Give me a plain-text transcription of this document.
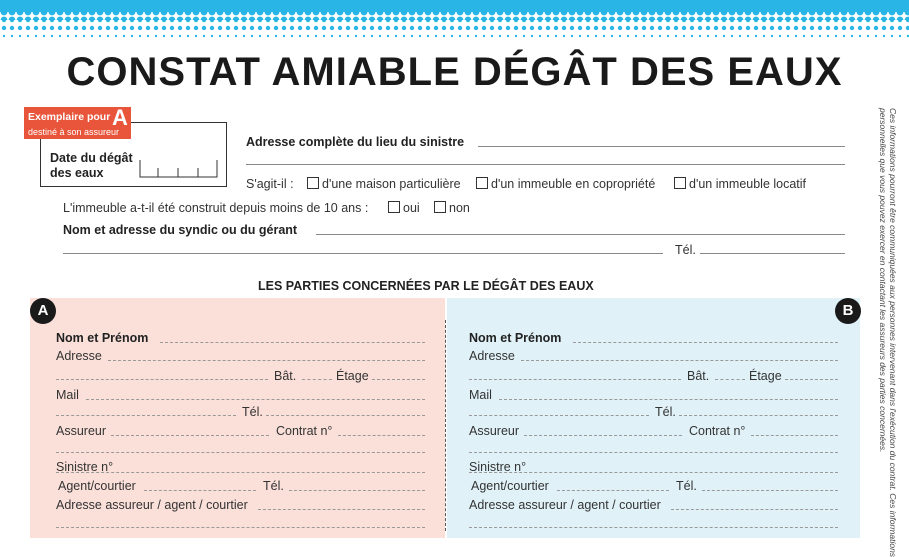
CONSTAT AMIABLE DÉGÂT DES EAUX
Exemplaire pour A
destiné à son assureur
Date du dégât
des eaux
Adresse complète du lieu du sinistre
S'agit-il :	d'une maison particulière	d'un immeuble en copropriété	d'un immeuble locatif
L'immeuble a-t-il été construit depuis moins de 10 ans :	oui	non
Nom et adresse du syndic ou du gérant
Tél.
LES PARTIES CONCERNÉES PAR LE DÉGÂT DES EAUX
A	B
Nom et Prénom
Adresse
Bât.	Étage
Mail
Tél.
Assureur	Contrat n°
Sinistre n°
Agent/courtier	Tél.
Adresse assureur / agent / courtier
Nom et Prénom
Adresse
Bât.	Étage
Mail
Tél.
Assureur	Contrat n°
Sinistre n°
Agent/courtier	Tél.
Adresse assureur / agent / courtier	Ces informations pourront être communiquées aux personnes intervenant dans l'exécution du contrat. Ces informations
personnelles que vous pouvez exercer en contactant les assureurs des parties concernées.
